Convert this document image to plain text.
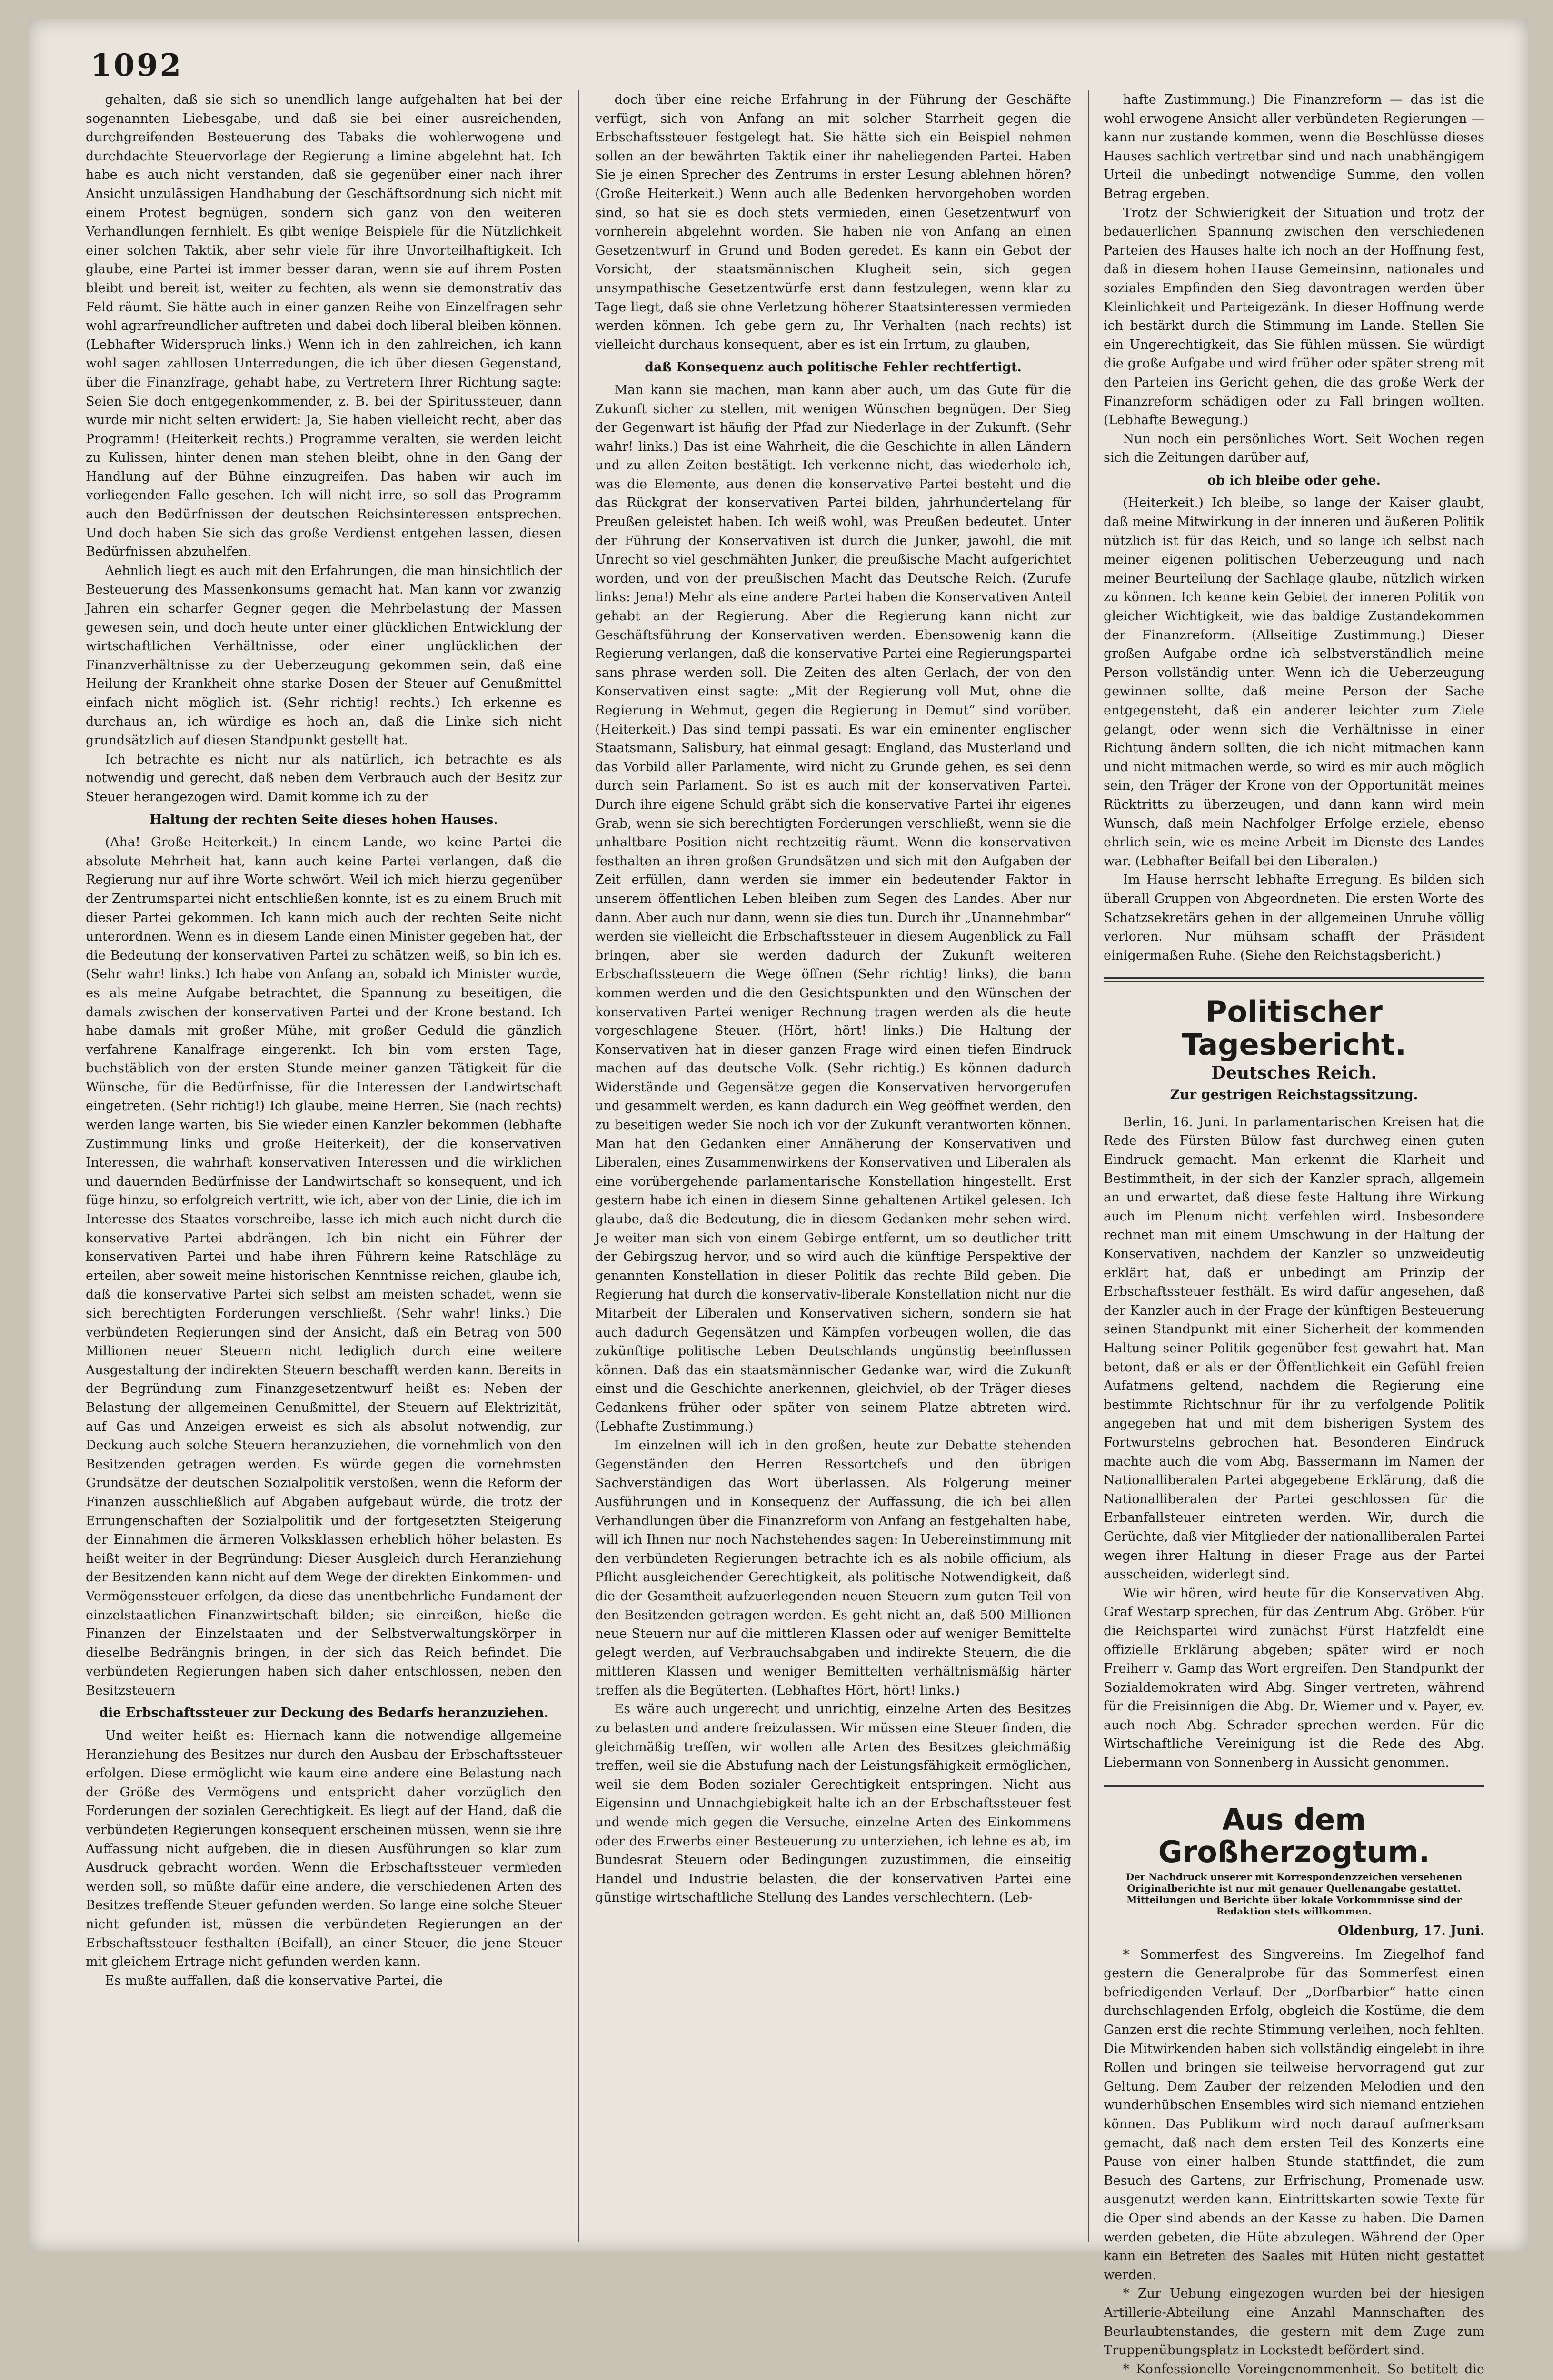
1092

gehalten, daß sie sich so unendlich lange aufgehalten hat bei der sogenannten Liebesgabe, und daß sie bei einer ausreichenden, durchgreifenden Besteuerung des Tabaks die wohlerwogene und durchdachte Steuervorlage der Regierung a limine abgelehnt hat. Ich habe es auch nicht verstanden, daß sie gegenüber einer nach ihrer Ansicht unzulässigen Handhabung der Geschäftsordnung sich nicht mit einem Protest begnügen, sondern sich ganz von den weiteren Verhandlungen fernhielt. Es gibt wenige Beispiele für die Nützlichkeit einer solchen Taktik, aber sehr viele für ihre Unvorteilhaftigkeit. Ich glaube, eine Partei ist immer besser daran, wenn sie auf ihrem Posten bleibt und bereit ist, weiter zu fechten, als wenn sie demonstrativ das Feld räumt. Sie hätte auch in einer ganzen Reihe von Einzelfragen sehr wohl agrarfreundlicher auftreten und dabei doch liberal bleiben können. (Lebhafter Widerspruch links.) Wenn ich in den zahlreichen, ich kann wohl sagen zahllosen Unterredungen, die ich über diesen Gegenstand, über die Finanzfrage, gehabt habe, zu Vertretern Ihrer Richtung sagte: Seien Sie doch entgegenkommender, z. B. bei der Spiritussteuer, dann wurde mir nicht selten erwidert: Ja, Sie haben vielleicht recht, aber das Programm! (Heiterkeit rechts.) Programme veralten, sie werden leicht zu Kulissen, hinter denen man stehen bleibt, ohne in den Gang der Handlung auf der Bühne einzugreifen. Das haben wir auch im vorliegenden Falle gesehen. Ich will nicht irre, so soll das Programm auch den Bedürfnissen der deutschen Reichsinteressen entsprechen. Und doch haben Sie sich das große Verdienst entgehen lassen, diesen Bedürfnissen abzuhelfen.

Aehnlich liegt es auch mit den Erfahrungen, die man hinsichtlich der Besteuerung des Massenkonsums gemacht hat. Man kann vor zwanzig Jahren ein scharfer Gegner gegen die Mehrbelastung der Massen gewesen sein, und doch heute unter einer glücklichen Entwicklung der wirtschaftlichen Verhältnisse, oder einer unglücklichen der Finanzverhältnisse zu der Ueberzeugung gekommen sein, daß eine Heilung der Krankheit ohne starke Dosen der Steuer auf Genußmittel einfach nicht möglich ist. (Sehr richtig! rechts.) Ich erkenne es durchaus an, ich würdige es hoch an, daß die Linke sich nicht grundsätzlich auf diesen Standpunkt gestellt hat.

Ich betrachte es nicht nur als natürlich, ich betrachte es als notwendig und gerecht, daß neben dem Verbrauch auch der Besitz zur Steuer herangezogen wird. Damit komme ich zu der

Haltung der rechten Seite dieses hohen Hauses.

(Aha! Große Heiterkeit.) In einem Lande, wo keine Partei die absolute Mehrheit hat, kann auch keine Partei verlangen, daß die Regierung nur auf ihre Worte schwört. Weil ich mich hierzu gegenüber der Zentrumspartei nicht entschließen konnte, ist es zu einem Bruch mit dieser Partei gekommen. Ich kann mich auch der rechten Seite nicht unterordnen. Wenn es in diesem Lande einen Minister gegeben hat, der die Bedeutung der konservativen Partei zu schätzen weiß, so bin ich es. (Sehr wahr! links.) Ich habe von Anfang an, sobald ich Minister wurde, es als meine Aufgabe betrachtet, die Spannung zu beseitigen, die damals zwischen der konservativen Partei und der Krone bestand. Ich habe damals mit großer Mühe, mit großer Geduld die gänzlich verfahrene Kanalfrage eingerenkt. Ich bin vom ersten Tage, buchstäblich von der ersten Stunde meiner ganzen Tätigkeit für die Wünsche, für die Bedürfnisse, für die Interessen der Landwirtschaft eingetreten. (Sehr richtig!) Ich glaube, meine Herren, Sie (nach rechts) werden lange warten, bis Sie wieder einen Kanzler bekommen (lebhafte Zustimmung links und große Heiterkeit), der die konservativen Interessen, die wahrhaft konservativen Interessen und die wirklichen und dauernden Bedürfnisse der Landwirtschaft so konsequent, und ich füge hinzu, so erfolgreich vertritt, wie ich, aber von der Linie, die ich im Interesse des Staates vorschreibe, lasse ich mich auch nicht durch die konservative Partei abdrängen. Ich bin nicht ein Führer der konservativen Partei und habe ihren Führern keine Ratschläge zu erteilen, aber soweit meine historischen Kenntnisse reichen, glaube ich, daß die konservative Partei sich selbst am meisten schadet, wenn sie sich berechtigten Forderungen verschließt. (Sehr wahr! links.) Die verbündeten Regierungen sind der Ansicht, daß ein Betrag von 500 Millionen neuer Steuern nicht lediglich durch eine weitere Ausgestaltung der indirekten Steuern beschafft werden kann. Bereits in der Begründung zum Finanzgesetzentwurf heißt es: Neben der Belastung der allgemeinen Genußmittel, der Steuern auf Elektrizität, auf Gas und Anzeigen erweist es sich als absolut notwendig, zur Deckung auch solche Steuern heranzuziehen, die vornehmlich von den Besitzenden getragen werden. Es würde gegen die vornehmsten Grundsätze der deutschen Sozialpolitik verstoßen, wenn die Reform der Finanzen ausschließlich auf Abgaben aufgebaut würde, die trotz der Errungenschaften der Sozialpolitik und der fortgesetzten Steigerung der Einnahmen die ärmeren Volksklassen erheblich höher belasten. Es heißt weiter in der Begründung: Dieser Ausgleich durch Heranziehung der Besitzenden kann nicht auf dem Wege der direkten Einkommen- und Vermögenssteuer erfolgen, da diese das unentbehrliche Fundament der einzelstaatlichen Finanzwirtschaft bilden; sie einreißen, hieße die Finanzen der Einzelstaaten und der Selbstverwaltungskörper in dieselbe Bedrängnis bringen, in der sich das Reich befindet. Die verbündeten Regierungen haben sich daher entschlossen, neben den Besitzsteuern

die Erbschaftssteuer zur Deckung des Bedarfs heranzuziehen.

Und weiter heißt es: Hiernach kann die notwendige allgemeine Heranziehung des Besitzes nur durch den Ausbau der Erbschaftssteuer erfolgen. Diese ermöglicht wie kaum eine andere eine Belastung nach der Größe des Vermögens und entspricht daher vorzüglich den Forderungen der sozialen Gerechtigkeit. Es liegt auf der Hand, daß die verbündeten Regierungen konsequent erscheinen müssen, wenn sie ihre Auffassung nicht aufgeben, die in diesen Ausführungen so klar zum Ausdruck gebracht worden. Wenn die Erbschaftssteuer vermieden werden soll, so müßte dafür eine andere, die verschiedenen Arten des Besitzes treffende Steuer gefunden werden. So lange eine solche Steuer nicht gefunden ist, müssen die verbündeten Regierungen an der Erbschaftssteuer festhalten (Beifall), an einer Steuer, die jene Steuer mit gleichem Ertrage nicht gefunden werden kann.

Es mußte auffallen, daß die konservative Partei, die

doch über eine reiche Erfahrung in der Führung der Geschäfte verfügt, sich von Anfang an mit solcher Starrheit gegen die Erbschaftssteuer festgelegt hat. Sie hätte sich ein Beispiel nehmen sollen an der bewährten Taktik einer ihr naheliegenden Partei. Haben Sie je einen Sprecher des Zentrums in erster Lesung ablehnen hören? (Große Heiterkeit.) Wenn auch alle Bedenken hervorgehoben worden sind, so hat sie es doch stets vermieden, einen Gesetzentwurf von vornherein abgelehnt worden. Sie haben nie von Anfang an einen Gesetzentwurf in Grund und Boden geredet. Es kann ein Gebot der Vorsicht, der staatsmännischen Klugheit sein, sich gegen unsympathische Gesetzentwürfe erst dann festzulegen, wenn klar zu Tage liegt, daß sie ohne Verletzung höherer Staatsinteressen vermieden werden können. Ich gebe gern zu, Ihr Verhalten (nach rechts) ist vielleicht durchaus konsequent, aber es ist ein Irrtum, zu glauben,

daß Konsequenz auch politische Fehler rechtfertigt.

Man kann sie machen, man kann aber auch, um das Gute für die Zukunft sicher zu stellen, mit wenigen Wünschen begnügen. Der Sieg der Gegenwart ist häufig der Pfad zur Niederlage in der Zukunft. (Sehr wahr! links.) Das ist eine Wahrheit, die die Geschichte in allen Ländern und zu allen Zeiten bestätigt. Ich verkenne nicht, das wiederhole ich, was die Elemente, aus denen die konservative Partei besteht und die das Rückgrat der konservativen Partei bilden, jahrhundertelang für Preußen geleistet haben. Ich weiß wohl, was Preußen bedeutet. Unter der Führung der Konservativen ist durch die Junker, jawohl, die mit Unrecht so viel geschmähten Junker, die preußische Macht aufgerichtet worden, und von der preußischen Macht das Deutsche Reich. (Zurufe links: Jena!) Mehr als eine andere Partei haben die Konservativen Anteil gehabt an der Regierung. Aber die Regierung kann nicht zur Geschäftsführung der Konservativen werden. Ebensowenig kann die Regierung verlangen, daß die konservative Partei eine Regierungspartei sans phrase werden soll. Die Zeiten des alten Gerlach, der von den Konservativen einst sagte: „Mit der Regierung voll Mut, ohne die Regierung in Wehmut, gegen die Regierung in Demut“ sind vorüber. (Heiterkeit.) Das sind tempi passati. Es war ein eminenter englischer Staatsmann, Salisbury, hat einmal gesagt: England, das Musterland und das Vorbild aller Parlamente, wird nicht zu Grunde gehen, es sei denn durch sein Parlament. So ist es auch mit der konservativen Partei. Durch ihre eigene Schuld gräbt sich die konservative Partei ihr eigenes Grab, wenn sie sich berechtigten Forderungen verschließt, wenn sie die unhaltbare Position nicht rechtzeitig räumt. Wenn die konservativen festhalten an ihren großen Grundsätzen und sich mit den Aufgaben der Zeit erfüllen, dann werden sie immer ein bedeutender Faktor in unserem öffentlichen Leben bleiben zum Segen des Landes. Aber nur dann. Aber auch nur dann, wenn sie dies tun. Durch ihr „Unannehmbar“ werden sie vielleicht die Erbschaftssteuer in diesem Augenblick zu Fall bringen, aber sie werden dadurch der Zukunft weiteren Erbschaftssteuern die Wege öffnen (Sehr richtig! links), die bann kommen werden und die den Gesichtspunkten und den Wünschen der konservativen Partei weniger Rechnung tragen werden als die heute vorgeschlagene Steuer. (Hört, hört! links.) Die Haltung der Konservativen hat in dieser ganzen Frage wird einen tiefen Eindruck machen auf das deutsche Volk. (Sehr richtig.) Es können dadurch Widerstände und Gegensätze gegen die Konservativen hervorgerufen und gesammelt werden, es kann dadurch ein Weg geöffnet werden, den zu beseitigen weder Sie noch ich vor der Zukunft verantworten können. Man hat den Gedanken einer Annäherung der Konservativen und Liberalen, eines Zusammenwirkens der Konservativen und Liberalen als eine vorübergehende parlamentarische Konstellation hingestellt. Erst gestern habe ich einen in diesem Sinne gehaltenen Artikel gelesen. Ich glaube, daß die Bedeutung, die in diesem Gedanken mehr sehen wird. Je weiter man sich von einem Gebirge entfernt, um so deutlicher tritt der Gebirgszug hervor, und so wird auch die künftige Perspektive der genannten Konstellation in dieser Politik das rechte Bild geben. Die Regierung hat durch die konservativ-liberale Konstellation nicht nur die Mitarbeit der Liberalen und Konservativen sichern, sondern sie hat auch dadurch Gegensätzen und Kämpfen vorbeugen wollen, die das zukünftige politische Leben Deutschlands ungünstig beeinflussen können. Daß das ein staatsmännischer Gedanke war, wird die Zukunft einst und die Geschichte anerkennen, gleichviel, ob der Träger dieses Gedankens früher oder später von seinem Platze abtreten wird. (Lebhafte Zustimmung.)

Im einzelnen will ich in den großen, heute zur Debatte stehenden Gegenständen den Herren Ressortchefs und den übrigen Sachverständigen das Wort überlassen. Als Folgerung meiner Ausführungen und in Konsequenz der Auffassung, die ich bei allen Verhandlungen über die Finanzreform von Anfang an festgehalten habe, will ich Ihnen nur noch Nachstehendes sagen: In Uebereinstimmung mit den verbündeten Regierungen betrachte ich es als nobile officium, als Pflicht ausgleichender Gerechtigkeit, als politische Notwendigkeit, daß die der Gesamtheit aufzuerlegenden neuen Steuern zum guten Teil von den Besitzenden getragen werden. Es geht nicht an, daß 500 Millionen neue Steuern nur auf die mittleren Klassen oder auf weniger Bemittelte gelegt werden, auf Verbrauchsabgaben und indirekte Steuern, die die mittleren Klassen und weniger Bemittelten verhältnismäßig härter treffen als die Begüterten. (Lebhaftes Hört, hört! links.)

Es wäre auch ungerecht und unrichtig, einzelne Arten des Besitzes zu belasten und andere freizulassen. Wir müssen eine Steuer finden, die gleichmäßig treffen, wir wollen alle Arten des Besitzes gleichmäßig treffen, weil sie die Abstufung nach der Leistungsfähigkeit ermöglichen, weil sie dem Boden sozialer Gerechtigkeit entspringen. Nicht aus Eigensinn und Unnachgiebigkeit halte ich an der Erbschaftssteuer fest und wende mich gegen die Versuche, einzelne Arten des Einkommens oder des Erwerbs einer Besteuerung zu unterziehen, ich lehne es ab, im Bundesrat Steuern oder Bedingungen zuzustimmen, die einseitig Handel und Industrie belasten, die der konservativen Partei eine günstige wirtschaftliche Stellung des Landes verschlechtern. (Leb-

hafte Zustimmung.) Die Finanzreform — das ist die wohl erwogene Ansicht aller verbündeten Regierungen — kann nur zustande kommen, wenn die Beschlüsse dieses Hauses sachlich vertretbar sind und nach unabhängigem Urteil die unbedingt notwendige Summe, den vollen Betrag ergeben.

Trotz der Schwierigkeit der Situation und trotz der bedauerlichen Spannung zwischen den verschiedenen Parteien des Hauses halte ich noch an der Hoffnung fest, daß in diesem hohen Hause Gemeinsinn, nationales und soziales Empfinden den Sieg davontragen werden über Kleinlichkeit und Parteigezänk. In dieser Hoffnung werde ich bestärkt durch die Stimmung im Lande. Stellen Sie ein Ungerechtigkeit, das Sie fühlen müssen. Sie würdigt die große Aufgabe und wird früher oder später streng mit den Parteien ins Gericht gehen, die das große Werk der Finanzreform schädigen oder zu Fall bringen wollten. (Lebhafte Bewegung.)

Nun noch ein persönliches Wort. Seit Wochen regen sich die Zeitungen darüber auf,

ob ich bleibe oder gehe.

(Heiterkeit.) Ich bleibe, so lange der Kaiser glaubt, daß meine Mitwirkung in der inneren und äußeren Politik nützlich ist für das Reich, und so lange ich selbst nach meiner eigenen politischen Ueberzeugung und nach meiner Beurteilung der Sachlage glaube, nützlich wirken zu können. Ich kenne kein Gebiet der inneren Politik von gleicher Wichtigkeit, wie das baldige Zustandekommen der Finanzreform. (Allseitige Zustimmung.) Dieser großen Aufgabe ordne ich selbstverständlich meine Person vollständig unter. Wenn ich die Ueberzeugung gewinnen sollte, daß meine Person der Sache entgegensteht, daß ein anderer leichter zum Ziele gelangt, oder wenn sich die Verhältnisse in einer Richtung ändern sollten, die ich nicht mitmachen kann und nicht mitmachen werde, so wird es mir auch möglich sein, den Träger der Krone von der Opportunität meines Rücktritts zu überzeugen, und dann kann wird mein Wunsch, daß mein Nachfolger Erfolge erziele, ebenso ehrlich sein, wie es meine Arbeit im Dienste des Landes war. (Lebhafter Beifall bei den Liberalen.)

Im Hause herrscht lebhafte Erregung. Es bilden sich überall Gruppen von Abgeordneten. Die ersten Worte des Schatzsekretärs gehen in der allgemeinen Unruhe völlig verloren. Nur mühsam schafft der Präsident einigermaßen Ruhe. (Siehe den Reichstagsbericht.)

Politischer Tagesbericht.
Deutsches Reich.
Zur gestrigen Reichstagssitzung.

Berlin, 16. Juni. In parlamentarischen Kreisen hat die Rede des Fürsten Bülow fast durchweg einen guten Eindruck gemacht. Man erkennt die Klarheit und Bestimmtheit, in der sich der Kanzler sprach, allgemein an und erwartet, daß diese feste Haltung ihre Wirkung auch im Plenum nicht verfehlen wird. Insbesondere rechnet man mit einem Umschwung in der Haltung der Konservativen, nachdem der Kanzler so unzweideutig erklärt hat, daß er unbedingt am Prinzip der Erbschaftssteuer festhält. Es wird dafür angesehen, daß der Kanzler auch in der Frage der künftigen Besteuerung seinen Standpunkt mit einer Sicherheit der kommenden Haltung seiner Politik gegenüber fest gewahrt hat. Man betont, daß er als er der Öffentlichkeit ein Gefühl freien Aufatmens geltend, nachdem die Regierung eine bestimmte Richtschnur für ihr zu verfolgende Politik angegeben hat und mit dem bisherigen System des Fortwurstelns gebrochen hat. Besonderen Eindruck machte auch die vom Abg. Bassermann im Namen der Nationalliberalen Partei abgegebene Erklärung, daß die Nationalliberalen der Partei geschlossen für die Erbanfallsteuer eintreten werden. Wir, durch die Gerüchte, daß vier Mitglieder der nationalliberalen Partei wegen ihrer Haltung in dieser Frage aus der Partei ausscheiden, widerlegt sind.

Wie wir hören, wird heute für die Konservativen Abg. Graf Westarp sprechen, für das Zentrum Abg. Gröber. Für die Reichspartei wird zunächst Fürst Hatzfeldt eine offizielle Erklärung abgeben; später wird er noch Freiherr v. Gamp das Wort ergreifen. Den Standpunkt der Sozialdemokraten wird Abg. Singer vertreten, während für die Freisinnigen die Abg. Dr. Wiemer und v. Payer, ev. auch noch Abg. Schrader sprechen werden. Für die Wirtschaftliche Vereinigung ist die Rede des Abg. Liebermann von Sonnenberg in Aussicht genommen.

Aus dem Großherzogtum.
Der Nachdruck unserer mit Korrespondenzzeichen versehenen Originalberichte ist nur mit genauer Quellenangabe gestattet. Mitteilungen und Berichte über lokale Vorkommnisse sind der Redaktion stets willkommen.
Oldenburg, 17. Juni.

* Sommerfest des Singvereins. Im Ziegelhof fand gestern die Generalprobe für das Sommerfest einen befriedigenden Verlauf. Der „Dorfbarbier“ hatte einen durchschlagenden Erfolg, obgleich die Kostüme, die dem Ganzen erst die rechte Stimmung verleihen, noch fehlten. Die Mitwirkenden haben sich vollständig eingelebt in ihre Rollen und bringen sie teilweise hervorragend gut zur Geltung. Dem Zauber der reizenden Melodien und den wunderhübschen Ensembles wird sich niemand entziehen können. Das Publikum wird noch darauf aufmerksam gemacht, daß nach dem ersten Teil des Konzerts eine Pause von einer halben Stunde stattfindet, die zum Besuch des Gartens, zur Erfrischung, Promenade usw. ausgenutzt werden kann. Eintrittskarten sowie Texte für die Oper sind abends an der Kasse zu haben. Die Damen werden gebeten, die Hüte abzulegen. Während der Oper kann ein Betreten des Saales mit Hüten nicht gestattet werden.

* Zur Uebung eingezogen wurden bei der hiesigen Artillerie-Abteilung eine Anzahl Mannschaften des Beurlaubtenstandes, die gestern mit dem Zuge zum Truppenübungsplatz in Lockstedt befördert sind.

* Konfessionelle Voreingenommenheit. So betitelt die
